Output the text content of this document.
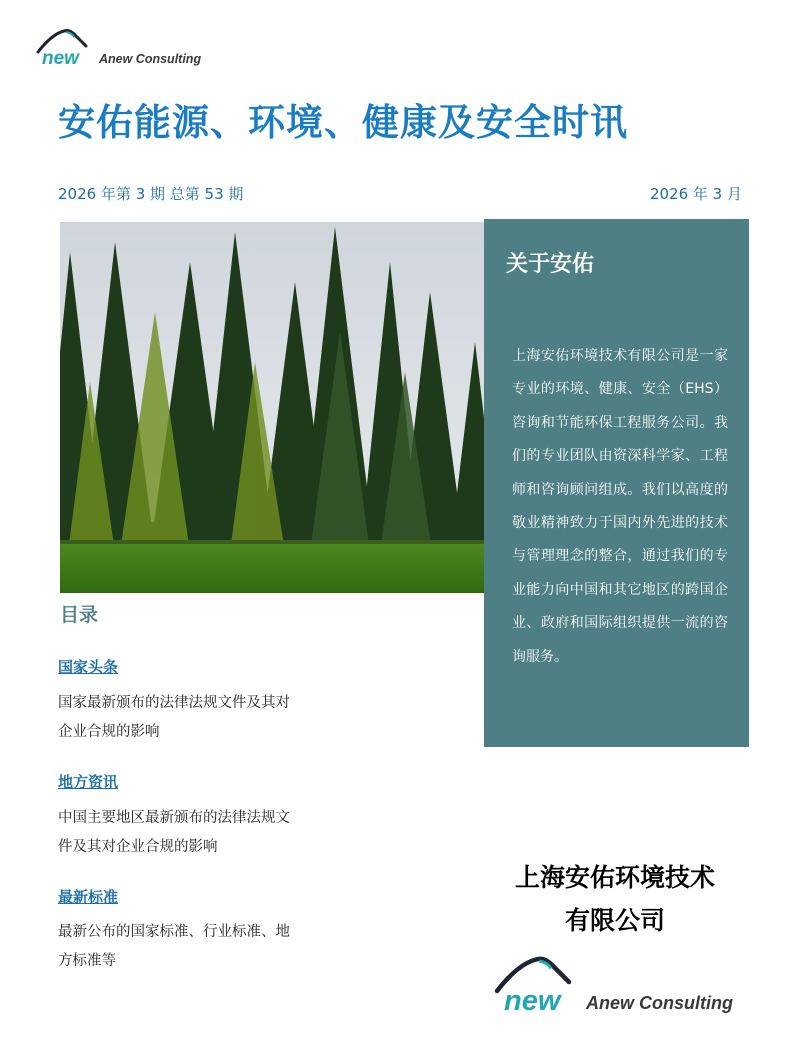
new Anew Consulting
安佑能源、环境、健康及安全时讯
2026 年第 3 期 总第 53 期	2026 年 3 月
关于安佑
上海安佑环境技术有限公司是一家专业的环境、健康、安全（EHS）咨询和节能环保工程服务公司。我们的专业团队由资深科学家、工程师和咨询顾问组成。我们以高度的敬业精神致力于国内外先进的技术与管理理念的整合，通过我们的专业能力向中国和其它地区的跨国企业、政府和国际组织提供一流的咨询服务。
目录
国家头条
国家最新颁布的法律法规文件及其对企业合规的影响
地方资讯
中国主要地区最新颁布的法律法规文件及其对企业合规的影响
最新标准
最新公布的国家标准、行业标准、地方标准等
上海安佑环境技术
有限公司
new Anew Consulting
